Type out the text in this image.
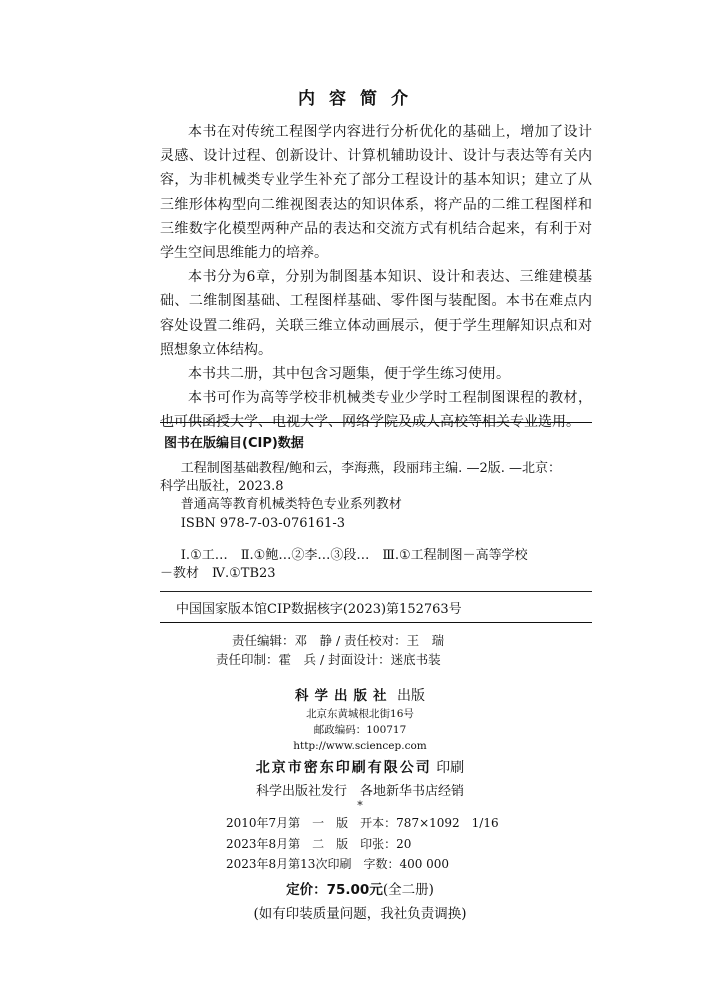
内容简介

本书在对传统工程图学内容进行分析优化的基础上，增加了设计灵感、设计过程、创新设计、计算机辅助设计、设计与表达等有关内容，为非机械类专业学生补充了部分工程设计的基本知识；建立了从三维形体构型向二维视图表达的知识体系，将产品的二维工程图样和三维数字化模型两种产品的表达和交流方式有机结合起来，有利于对学生空间思维能力的培养。

本书分为6章，分别为制图基本知识、设计和表达、三维建模基础、二维制图基础、工程图样基础、零件图与装配图。本书在难点内容处设置二维码，关联三维立体动画展示，便于学生理解知识点和对照想象立体结构。

本书共二册，其中包含习题集，便于学生练习使用。

本书可作为高等学校非机械类专业少学时工程制图课程的教材，也可供函授大学、电视大学、网络学院及成人高校等相关专业选用。

图书在版编目(CIP)数据

工程制图基础教程/鲍和云，李海燕，段丽玮主编. —2版. —北京：

科学出版社，2023.8

普通高等教育机械类特色专业系列教材

ISBN 978-7-03-076161-3

Ⅰ.①工…　Ⅱ.①鲍…②李…③段…　Ⅲ.①工程制图－高等学校

－教材　Ⅳ.①TB23

中国国家版本馆CIP数据核字(2023)第152763号
责任编辑：邓　静 / 责任校对：王　瑞
责任印制：霍　兵 / 封面设计：迷底书装
科学出版社 出版
北京东黄城根北街16号
邮政编码：100717
http://www.sciencep.com
北京市密东印刷有限公司 印刷
科学出版社发行　各地新华书店经销
*
2010年7月第　一　版　开本：787×1092　1/16
2023年8月第　二　版　印张：20
2023年8月第13次印刷　字数：400 000
定价：75.00元(全二册)
(如有印装质量问题，我社负责调换)
